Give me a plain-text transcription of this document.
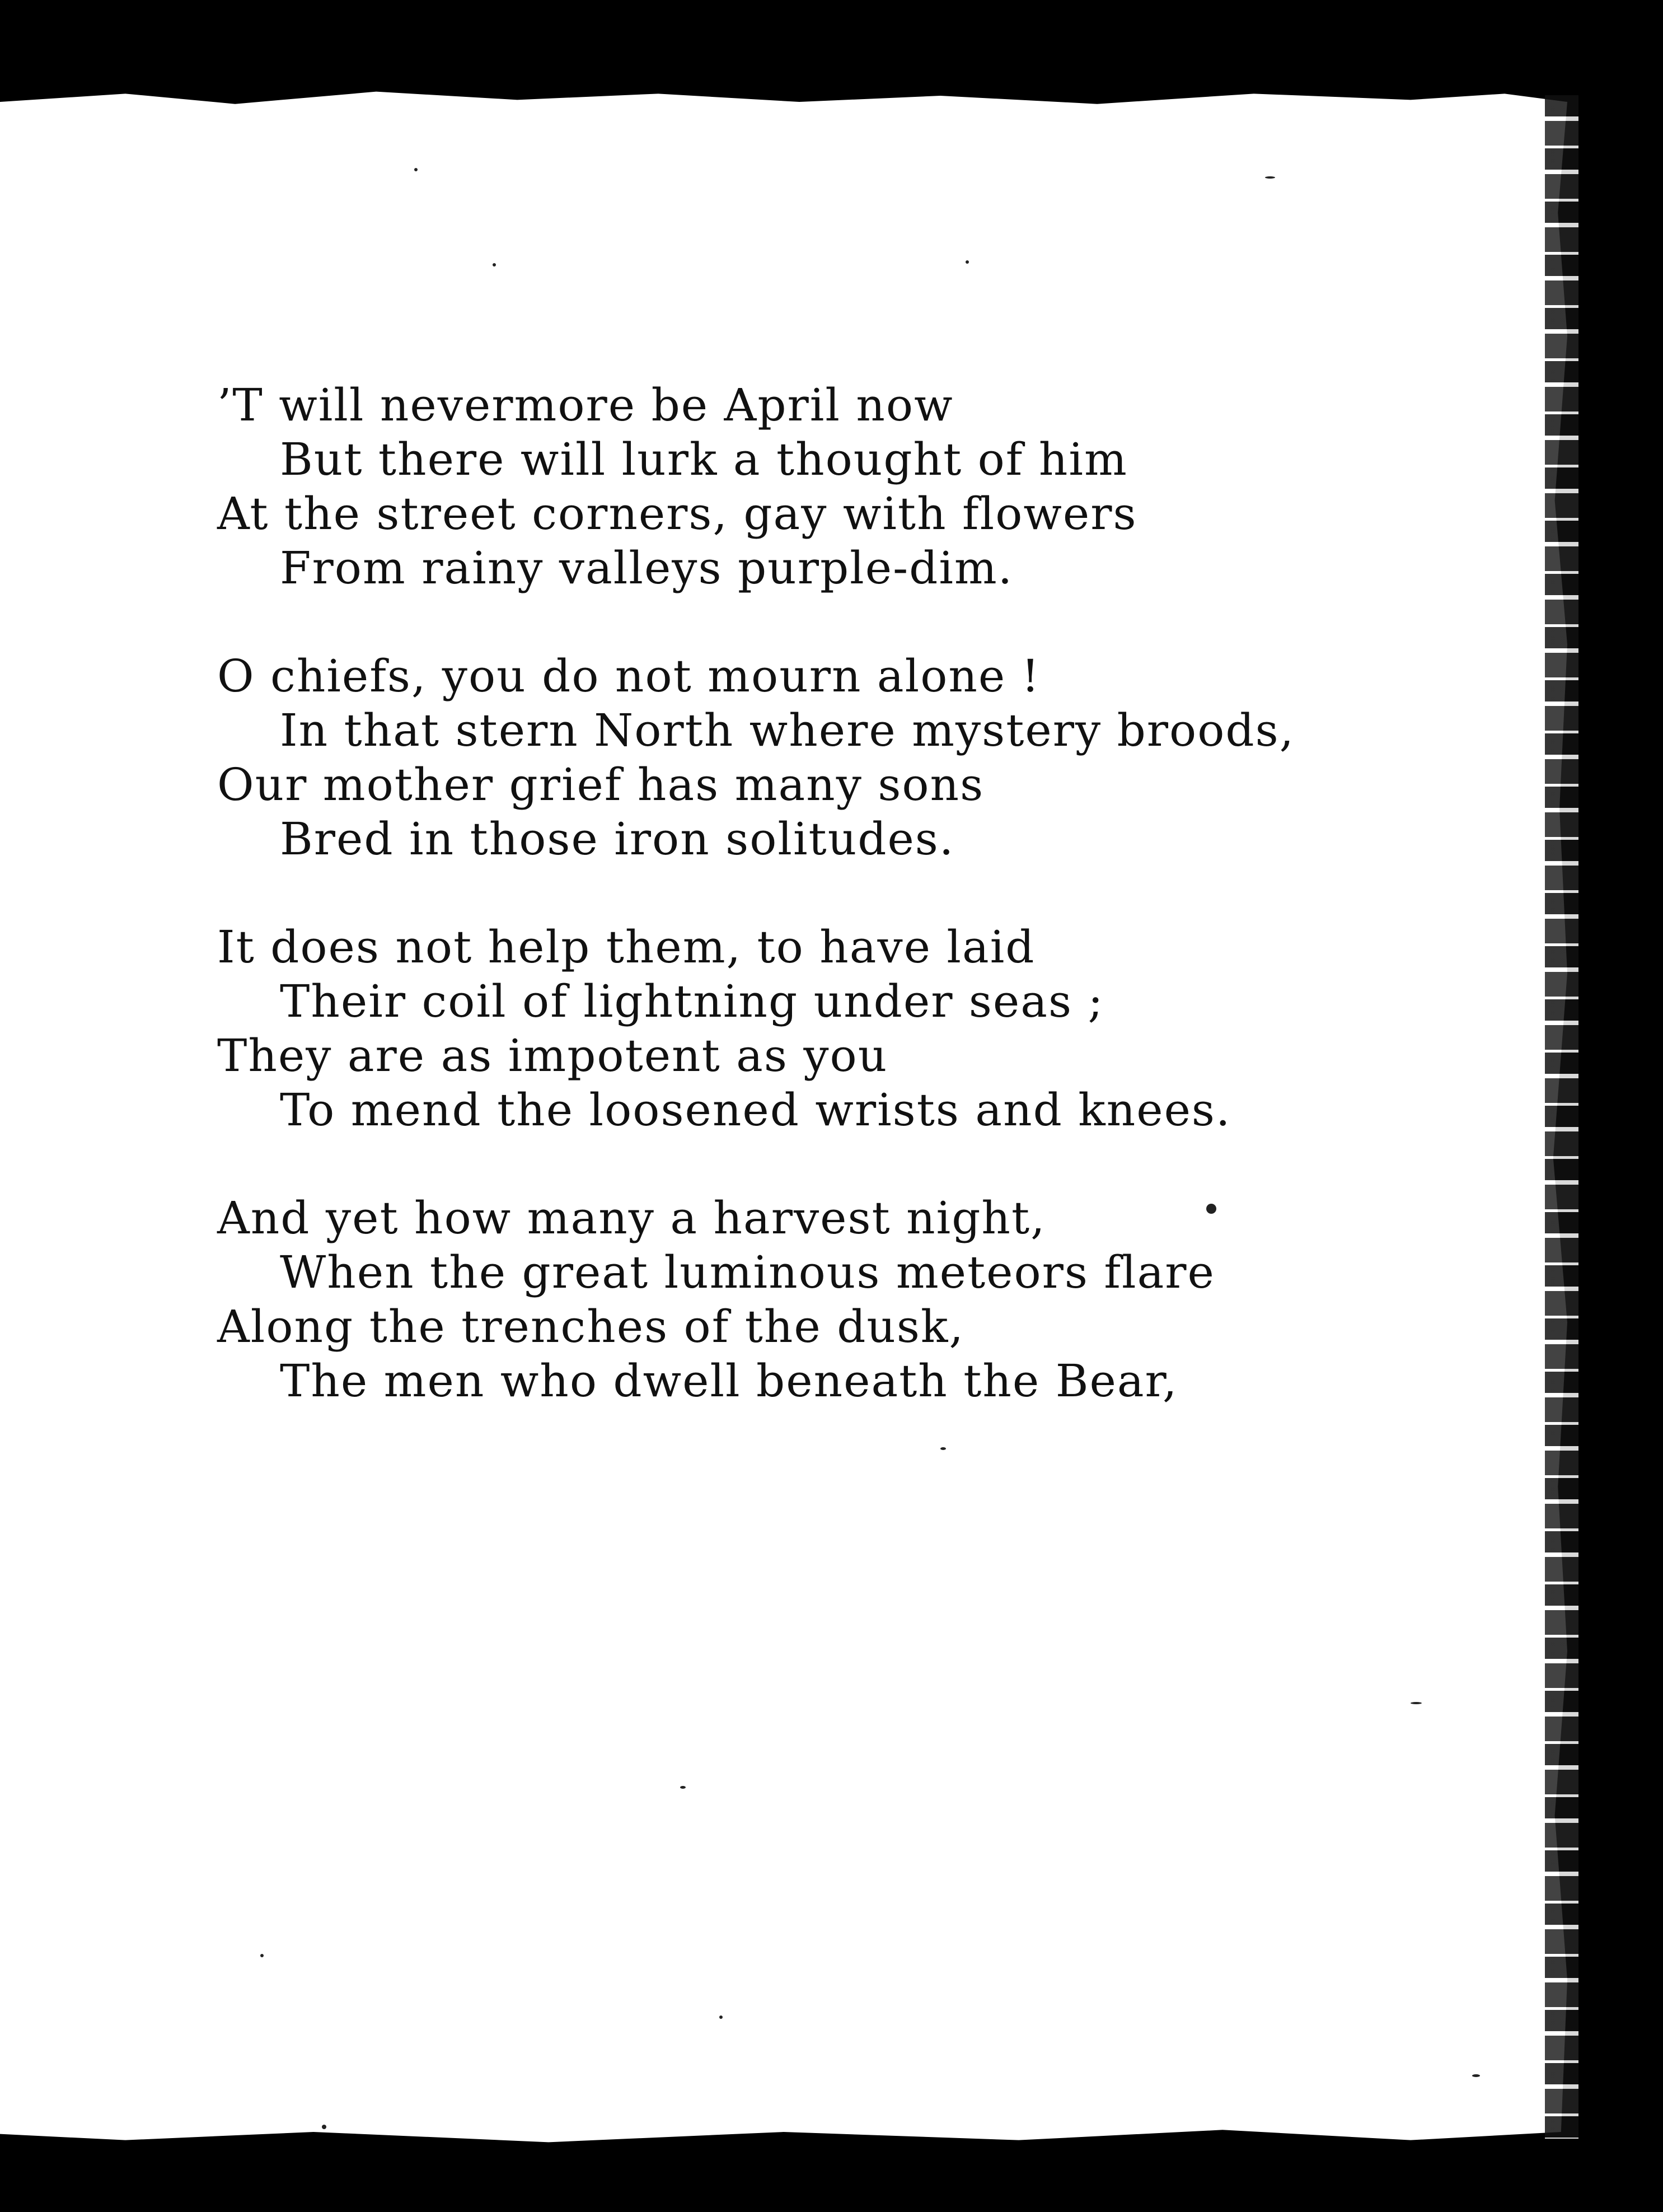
’T will nevermore be April now
But there will lurk a thought of him
At the street corners, gay with flowers
From rainy valleys purple-dim.
O chiefs, you do not mourn alone !
In that stern North where mystery broods,
Our mother grief has many sons
Bred in those iron solitudes.
It does not help them, to have laid
Their coil of lightning under seas ;
They are as impotent as you
To mend the loosened wrists and knees.
And yet how many a harvest night,
When the great luminous meteors flare
Along the trenches of the dusk,
The men who dwell beneath the Bear,
